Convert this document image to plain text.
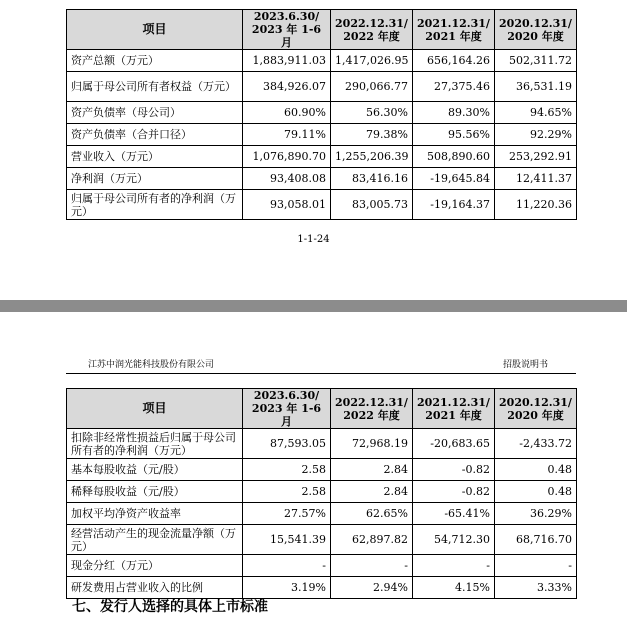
项目	2023.6.30/ 2023 年 1-6 月	2022.12.31/ 2022 年度	2021.12.31/ 2021 年度	2020.12.31/ 2020 年度
资产总额（万元）	1,883,911.03	1,417,026.95	656,164.26	502,311.72
归属于母公司所有者权益（万元）	384,926.07	290,066.77	27,375.46	36,531.19
资产负债率（母公司）	60.90%	56.30%	89.30%	94.65%
资产负债率（合并口径）	79.11%	79.38%	95.56%	92.29%
营业收入（万元）	1,076,890.70	1,255,206.39	508,890.60	253,292.91
净利润（万元）	93,408.08	83,416.16	-19,645.84	12,411.37
归属于母公司所有者的净利润（万元）	93,058.01	83,005.73	-19,164.37	11,220.36
1-1-24
江苏中润光能科技股份有限公司	招股说明书
项目	2023.6.30/ 2023 年 1-6 月	2022.12.31/ 2022 年度	2021.12.31/ 2021 年度	2020.12.31/ 2020 年度
扣除非经常性损益后归属于母公司所有者的净利润（万元）	87,593.05	72,968.19	-20,683.65	-2,433.72
基本每股收益（元/股）	2.58	2.84	-0.82	0.48
稀释每股收益（元/股）	2.58	2.84	-0.82	0.48
加权平均净资产收益率	27.57%	62.65%	-65.41%	36.29%
经营活动产生的现金流量净额（万元）	15,541.39	62,897.82	54,712.30	68,716.70
现金分红（万元）	-	-	-	-
研发费用占营业收入的比例	3.19%	2.94%	4.15%	3.33%
七、发行人选择的具体上市标准
